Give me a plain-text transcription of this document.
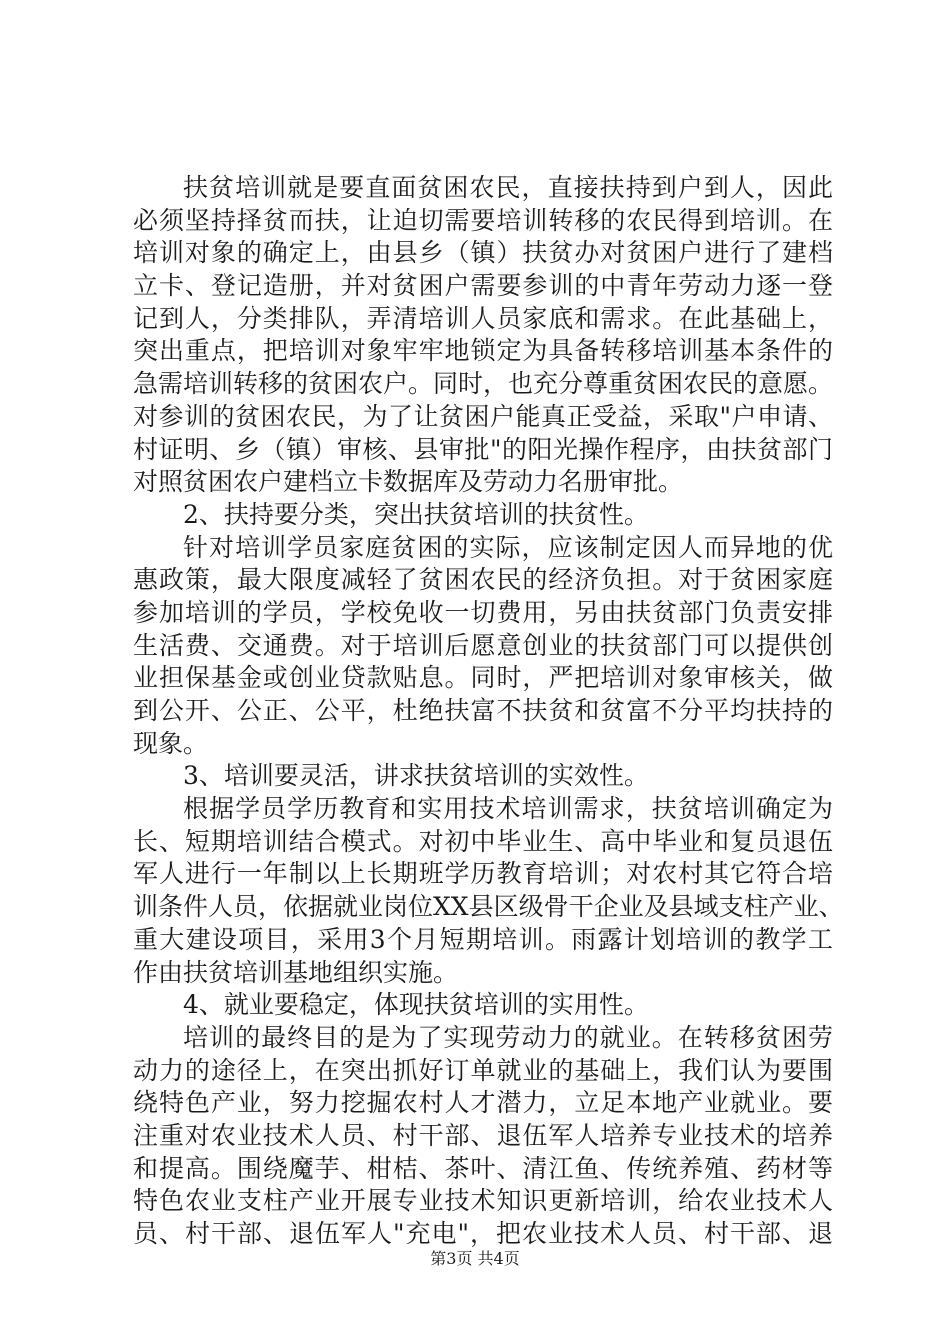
扶贫培训就是要直面贫困农民，直接扶持到户到人，因此
必须坚持择贫而扶，让迫切需要培训转移的农民得到培训。在
培训对象的确定上，由县乡（镇）扶贫办对贫困户进行了建档
立卡、登记造册，并对贫困户需要参训的中青年劳动力逐一登
记到人，分类排队，弄清培训人员家底和需求。在此基础上，
突出重点，把培训对象牢牢地锁定为具备转移培训基本条件的
急需培训转移的贫困农户。同时，也充分尊重贫困农民的意愿。
对参训的贫困农民，为了让贫困户能真正受益，采取"户申请、
村证明、乡（镇）审核、县审批"的阳光操作程序，由扶贫部门
对照贫困农户建档立卡数据库及劳动力名册审批。
2、扶持要分类，突出扶贫培训的扶贫性。
针对培训学员家庭贫困的实际，应该制定因人而异地的优
惠政策，最大限度减轻了贫困农民的经济负担。对于贫困家庭
参加培训的学员，学校免收一切费用，另由扶贫部门负责安排
生活费、交通费。对于培训后愿意创业的扶贫部门可以提供创
业担保基金或创业贷款贴息。同时，严把培训对象审核关，做
到公开、公正、公平，杜绝扶富不扶贫和贫富不分平均扶持的
现象。
3、培训要灵活，讲求扶贫培训的实效性。
根据学员学历教育和实用技术培训需求，扶贫培训确定为
长、短期培训结合模式。对初中毕业生、高中毕业和复员退伍
军人进行一年制以上长期班学历教育培训；对农村其它符合培
训条件人员，依据就业岗位XX县区级骨干企业及县域支柱产业、
重大建设项目，采用3个月短期培训。雨露计划培训的教学工
作由扶贫培训基地组织实施。
4、就业要稳定，体现扶贫培训的实用性。
培训的最终目的是为了实现劳动力的就业。在转移贫困劳
动力的途径上，在突出抓好订单就业的基础上，我们认为要围
绕特色产业，努力挖掘农村人才潜力，立足本地产业就业。要
注重对农业技术人员、村干部、退伍军人培养专业技术的培养
和提高。围绕魔芋、柑桔、茶叶、清江鱼、传统养殖、药材等
特色农业支柱产业开展专业技术知识更新培训，给农业技术人
员、村干部、退伍军人"充电"，把农业技术人员、村干部、退
第3页 共4页
